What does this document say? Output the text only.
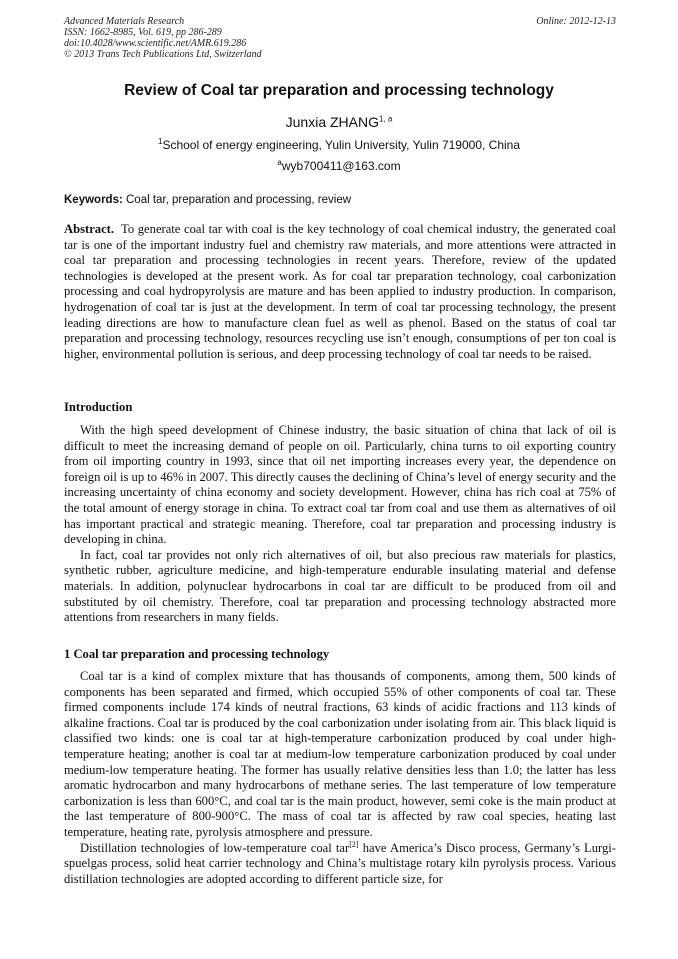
Advanced Materials Research
ISSN: 1662-8985, Vol. 619, pp 286-289
doi:10.4028/www.scientific.net/AMR.619.286
© 2013 Trans Tech Publications Ltd, Switzerland
Online: 2012-12-13
Review of Coal tar preparation and processing technology
Junxia ZHANG$^{1, a}$
$^1$School of energy engineering, Yulin University, Yulin 719000, China
$^a$wyb700411@163.com
Keywords: Coal tar, preparation and processing, review
Abstract. To generate coal tar with coal is the key technology of coal chemical industry, the generated coal tar is one of the important industry fuel and chemistry raw materials, and more attentions were attracted in coal tar preparation and processing technologies in recent years. Therefore, review of the updated technologies is developed at the present work. As for coal tar preparation technology, coal carbonization processing and coal hydropyrolysis are mature and has been applied to industry production. In comparison, hydrogenation of coal tar is just at the development. In term of coal tar processing technology, the present leading directions are how to manufacture clean fuel as well as phenol. Based on the status of coal tar preparation and processing technology, resources recycling use isn’t enough, consumptions of per ton coal is higher, environmental pollution is serious, and deep processing technology of coal tar needs to be raised.
Introduction

With the high speed development of Chinese industry, the basic situation of china that lack of oil is difficult to meet the increasing demand of people on oil. Particularly, china turns to oil exporting country from oil importing country in 1993, since that oil net importing increases every year, the dependence on foreign oil is up to 46% in 2007. This directly causes the declining of China’s level of energy security and the increasing uncertainty of china economy and society development. However, china has rich coal at 75% of the total amount of energy storage in china. To extract coal tar from coal and use them as alternatives of oil has important practical and strategic meaning. Therefore, coal tar preparation and processing industry is developing in china.

In fact, coal tar provides not only rich alternatives of oil, but also precious raw materials for plastics, synthetic rubber, agriculture medicine, and high-temperature endurable insulating material and defense materials. In addition, polynuclear hydrocarbons in coal tar are difficult to be produced from oil and substituted by oil chemistry. Therefore, coal tar preparation and processing technology abstracted more attentions from researchers in many fields.

1 Coal tar preparation and processing technology

Coal tar is a kind of complex mixture that has thousands of components, among them, 500 kinds of components has been separated and firmed, which occupied 55% of other components of coal tar. These firmed components include 174 kinds of neutral fractions, 63 kinds of acidic fractions and 113 kinds of alkaline fractions. Coal tar is produced by the coal carbonization under isolating from air. This black liquid is classified two kinds: one is coal tar at high-temperature carbonization produced by coal under high-temperature heating; another is coal tar at medium-low temperature carbonization produced by coal under medium-low temperature heating. The former has usually relative densities less than 1.0; the latter has less aromatic hydrocarbon and many hydrocarbons of methane series. The last temperature of low temperature carbonization is less than 600°C, and coal tar is the main product, however, semi coke is the main product at the last temperature of 800-900°C. The mass of coal tar is affected by raw coal species, heating last temperature, heating rate, pyrolysis atmosphere and pressure.

Distillation technologies of low-temperature coal tar[2] have America’s Disco process, Germany’s Lurgi-spuelgas process, solid heat carrier technology and China’s multistage rotary kiln pyrolysis process. Various distillation technologies are adopted according to different particle size, for
